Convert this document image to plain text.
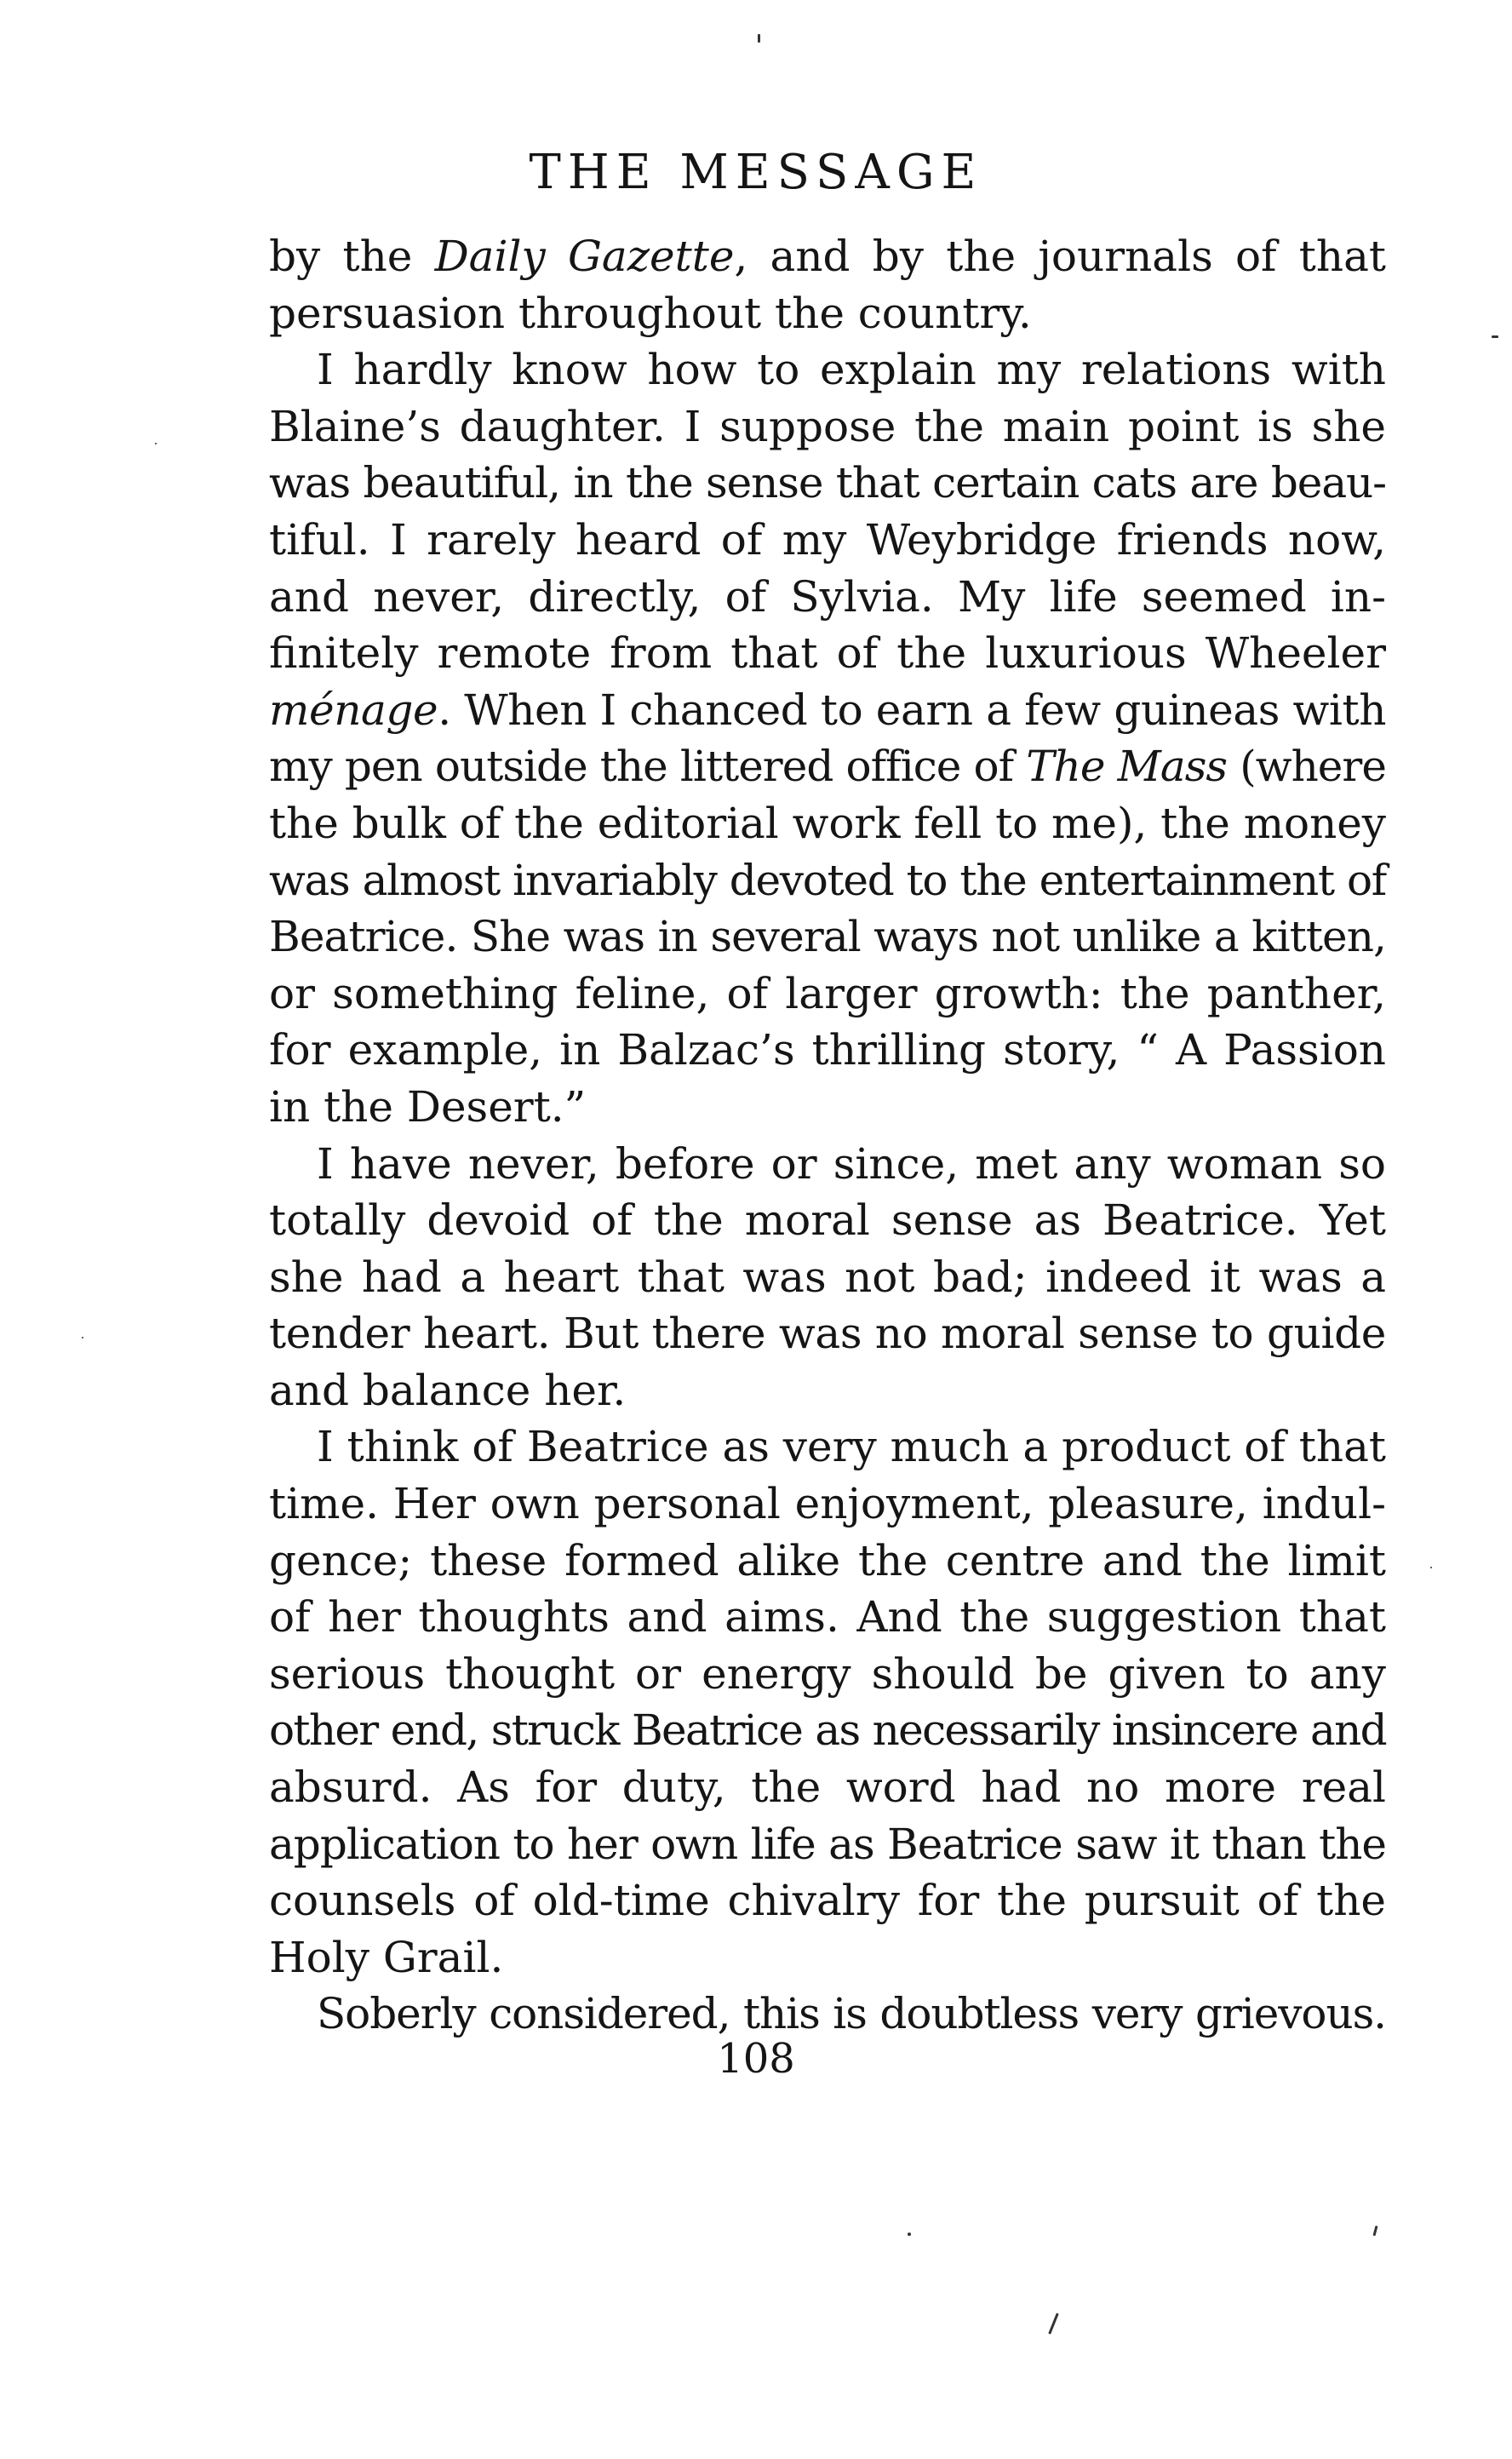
THE MESSAGE
by the Daily Gazette, and by the journals of that
persuasion throughout the country.
I hardly know how to explain my relations with
Blaine’s daughter. I suppose the main point is she
was beautiful, in the sense that certain cats are beau-
tiful. I rarely heard of my Weybridge friends now,
and never, directly, of Sylvia. My life seemed in-
finitely remote from that of the luxurious Wheeler
ménage. When I chanced to earn a few guineas with
my pen outside the littered office of The Mass (where
the bulk of the editorial work fell to me), the money
was almost invariably devoted to the entertainment of
Beatrice. She was in several ways not unlike a kitten,
or something feline, of larger growth: the panther,
for example, in Balzac’s thrilling story, “ A Passion
in the Desert.”
I have never, before or since, met any woman so
totally devoid of the moral sense as Beatrice. Yet
she had a heart that was not bad; indeed it was a
tender heart. But there was no moral sense to guide
and balance her.
I think of Beatrice as very much a product of that
time. Her own personal enjoyment, pleasure, indul-
gence; these formed alike the centre and the limit
of her thoughts and aims. And the suggestion that
serious thought or energy should be given to any
other end, struck Beatrice as necessarily insincere and
absurd. As for duty, the word had no more real
application to her own life as Beatrice saw it than the
counsels of old-time chivalry for the pursuit of the
Holy Grail.
Soberly considered, this is doubtless very grievous.
108
